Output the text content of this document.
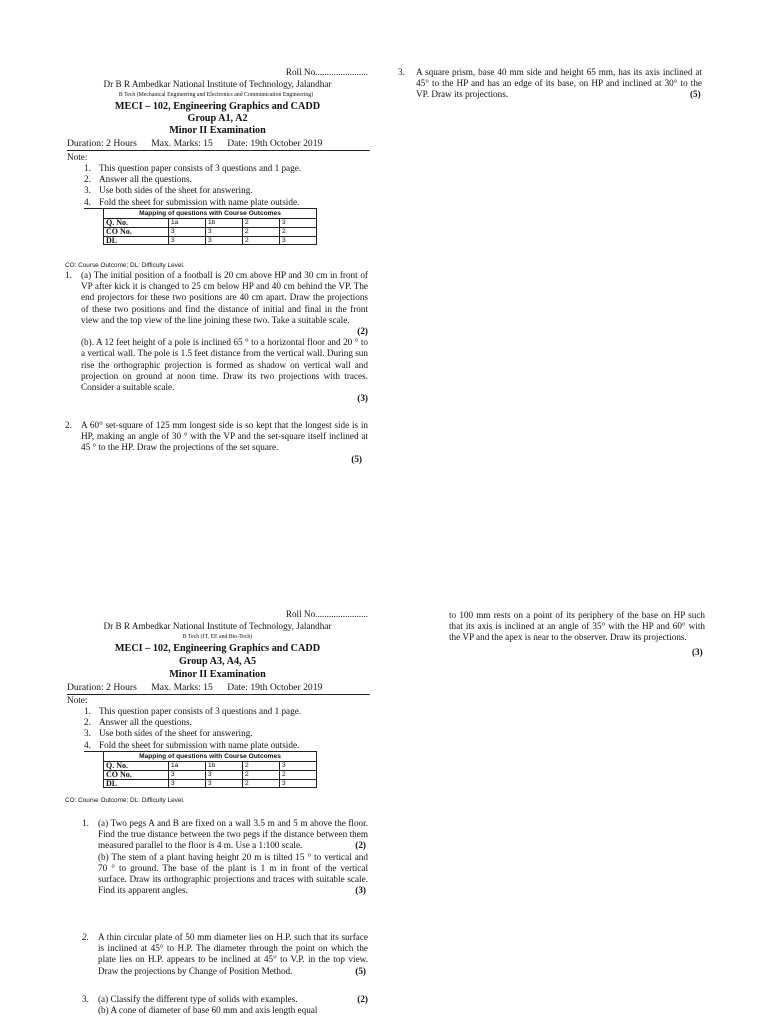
Roll No.......................
Dr B R Ambedkar National Institute of Technology, Jalandhar
B Tech (Mechanical Engineering and Electronics and Communication Engineering)
MECI – 102, Engineering Graphics and CADD
Group A1, A2
Minor II Examination
Duration: 2 Hours Max. Marks: 15 Date: 19th October 2019
Note:
1. This question paper consists of 3 questions and 1 page.
2. Answer all the questions.
3. Use both sides of the sheet for answering.
4. Fold the sheet for submission with name plate outside.
Mapping of questions with Course Outcomes				
Q. No.	1a	1b	2	3
CO No.	3	3	2	2
DL	3	3	2	3
CO: Course Outcome; DL: Difficulty Level.
1. (a) The initial position of a football is 20 cm above HP and 30 cm in front of VP after kick it is changed to 25 cm below HP and 40 cm behind the VP. The end projectors for these two positions are 40 cm apart. Draw the projections of these two positions and find the distance of initial and final in the front view and the top view of the line joining these two. Take a suitable scale.
(2)
(b). A 12 feet height of a pole is inclined 65 ° to a horizontal floor and 20 ° to a vertical wall. The pole is 1.5 feet distance from the vertical wall. During sun rise the orthographic projection is formed as shadow on vertical wall and projection on ground at noon time. Draw its two projections with traces. Consider a suitable scale.
(3)
2. A 60° set-square of 125 mm longest side is so kept that the longest side is in HP, making an angle of 30 ° with the VP and the set-square itself inclined at 45 ° to the HP. Draw the projections of the set square.
(5)
3. A square prism, base 40 mm side and height 65 mm, has its axis inclined at 45° to the HP and has an edge of its base, on HP and inclined at 30° to the VP. Draw its projections.	(5)
Roll No.......................
Dr B R Ambedkar National Institute of Technology, Jalandhar
B Tech (IT, EE and Bio-Tech)
MECI – 102, Engineering Graphics and CADD
Group A3, A4, A5
Minor II Examination
Duration: 2 Hours Max. Marks: 15 Date: 19th October 2019
Note:
1. This question paper consists of 3 questions and 1 page.
2. Answer all the questions.
3. Use both sides of the sheet for answering.
4. Fold the sheet for submission with name plate outside.
Mapping of questions with Course Outcomes				
Q. No.	1a	1b	2	3
CO No.	3	3	2	2
DL	3	3	2	3
CO: Course Outcome; DL: Difficulty Level.
1. (a) Two pegs A and B are fixed on a wall 3.5 m and 5 m above the floor. Find the true distance between the two pegs if the distance between them measured parallel to the floor is 4 m. Use a 1:100 scale.	(2)
(b) The stem of a plant having height 20 m is tilted 15 ° to vertical and 70 ° to ground. The base of the plant is 1 m in front of the vertical surface. Draw its orthographic projections and traces with suitable scale. Find its apparent angles.	(3)
2. A thin circular plate of 50 mm diameter lies on H.P. such that its surface is inclined at 45° to H.P. The diameter through the point on which the plate lies on H.P. appears to be inclined at 45° to V.P. in the top view. Draw the projections by Change of Position Method.	(5)
3. (a) Classify the different type of solids with examples.	(2)
(b) A cone of diameter of base 60 mm and axis length equal
to 100 mm rests on a point of its periphery of the base on HP such that its axis is inclined at an angle of 35° with the HP and 60° with the VP and the apex is near to the observer. Draw its projections.
(3)
